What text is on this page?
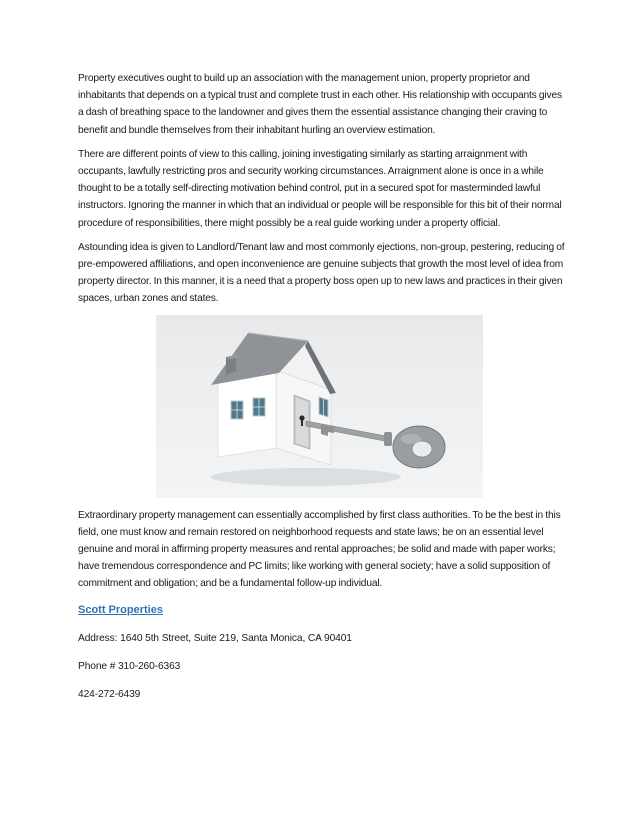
Property executives ought to build up an association with the management union, property proprietor and inhabitants that depends on a typical trust and complete trust in each other. His relationship with occupants gives a dash of breathing space to the landowner and gives them the essential assistance changing their craving to benefit and bundle themselves from their inhabitant hurling an overview estimation.

There are different points of view to this calling, joining investigating similarly as starting arraignment with occupants, lawfully restricting pros and security working circumstances. Arraignment alone is once in a while thought to be a totally self-directing motivation behind control, put in a secured spot for masterminded lawful instructors. Ignoring the manner in which that an individual or people will be responsible for this bit of their normal procedure of responsibilities, there might possibly be a real guide working under a property official.

Astounding idea is given to Landlord/Tenant law and most commonly ejections, non-group, pestering, reducing of pre-empowered affiliations, and open inconvenience are genuine subjects that growth the most level of idea from property director. In this manner, it is a need that a property boss open up to new laws and practices in their given spaces, urban zones and states.

Extraordinary property management can essentially accomplished by first class authorities. To be the best in this field, one must know and remain restored on neighborhood requests and state laws; be on an essential level genuine and moral in affirming property measures and rental approaches; be solid and made with paper works; have tremendous correspondence and PC limits; like working with general society; have a solid supposition of commitment and obligation; and be a fundamental follow-up individual.

Scott Properties

Address: 1640 5th Street, Suite 219, Santa Monica, CA 90401

Phone # 310-260-6363

424-272-6439
